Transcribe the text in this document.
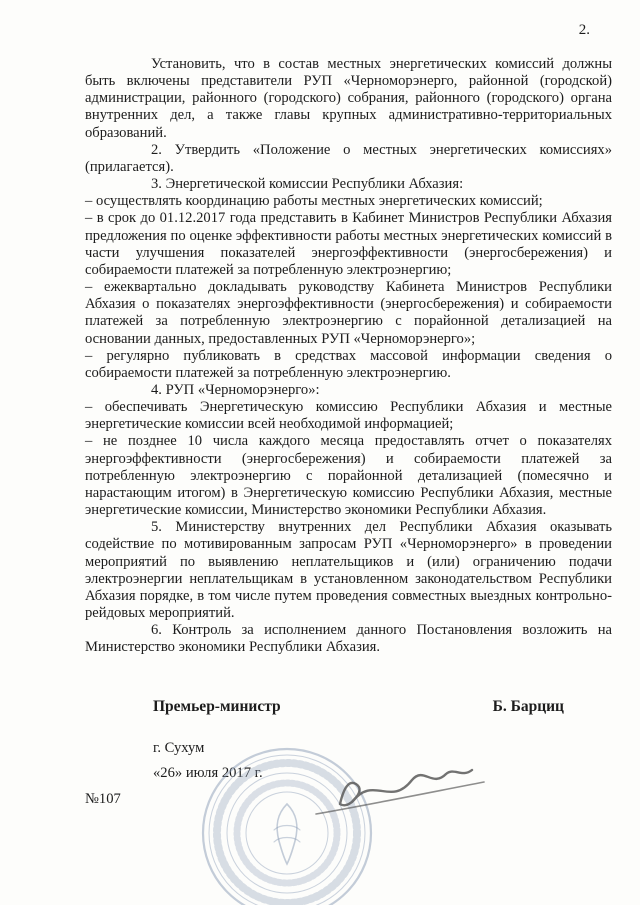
2.

Установить, что в состав местных энергетических комиссий должны быть включены представители РУП «Черноморэнерго, районной (городской) администрации, районного (городского) собрания, районного (городского) органа внутренних дел, а также главы крупных административно-территориальных образований.

2. Утвердить «Положение о местных энергетических комиссиях» (прилагается).

3. Энергетической комиссии Республики Абхазия:

– осуществлять координацию работы местных энергетических комиссий;

– в срок до 01.12.2017 года представить в Кабинет Министров Республики Абхазия предложения по оценке эффективности работы местных энергетических комиссий в части улучшения показателей энергоэффективности (энергосбережения) и собираемости платежей за потребленную электроэнергию;

– ежеквартально докладывать руководству Кабинета Министров Республики Абхазия о показателях энергоэффективности (энергосбережения) и собираемости платежей за потребленную электроэнергию с порайонной детализацией на основании данных, предоставленных РУП «Черноморэнерго»;

– регулярно публиковать в средствах массовой информации сведения о собираемости платежей за потребленную электроэнергию.

4. РУП «Черноморэнерго»:

– обеспечивать Энергетическую комиссию Республики Абхазия и местные энергетические комиссии всей необходимой информацией;

– не позднее 10 числа каждого месяца предоставлять отчет о показателях энергоэффективности (энергосбережения) и собираемости платежей за потребленную электроэнергию с порайонной детализацией (помесячно и нарастающим итогом) в Энергетическую комиссию Республики Абхазия, местные энергетические комиссии, Министерство экономики Республики Абхазия.

5. Министерству внутренних дел Республики Абхазия оказывать содействие по мотивированным запросам РУП «Черноморэнерго» в проведении мероприятий по выявлению неплательщиков и (или) ограничению подачи электроэнергии неплательщикам в установленном законодательством Республики Абхазия порядке, в том числе путем проведения совместных выездных контрольно-рейдовых мероприятий.

6. Контроль за исполнением данного Постановления возложить на Министерство экономики Республики Абхазия.

Премьер-министр	Б. Барциц
г. Сухум
«26» июля 2017 г.
№107
